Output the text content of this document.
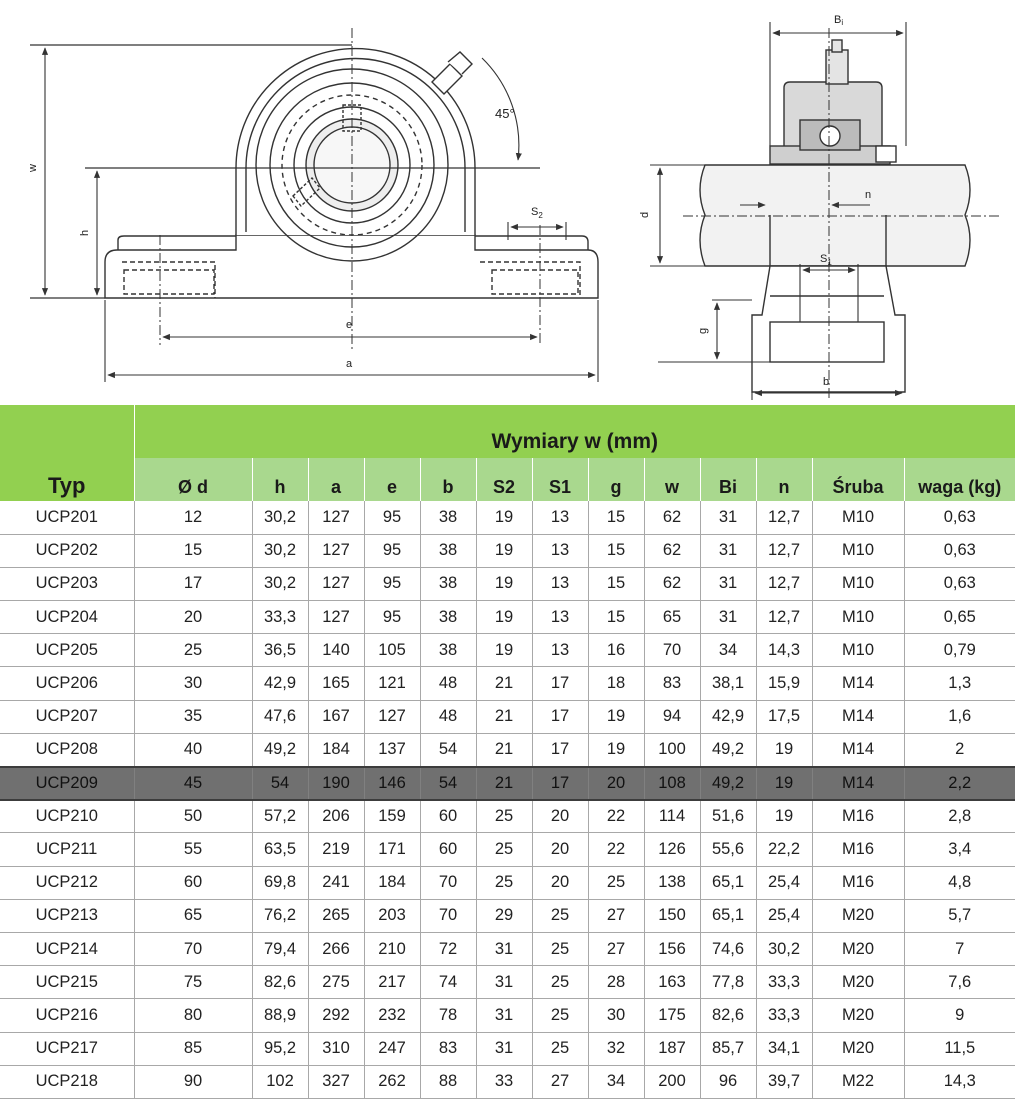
w
h
e
a
$S_2$
45°
Bi
d
n
$S_1$
g
b
Typ	Wymiary w (mm)												
	Ø d	h	a	e	b	S2	S1	g	w	Bi	n	Śruba	waga (kg)
UCP201	12	30,2	127	95	38	19	13	15	62	31	12,7	M10	0,63
UCP202	15	30,2	127	95	38	19	13	15	62	31	12,7	M10	0,63
UCP203	17	30,2	127	95	38	19	13	15	62	31	12,7	M10	0,63
UCP204	20	33,3	127	95	38	19	13	15	65	31	12,7	M10	0,65
UCP205	25	36,5	140	105	38	19	13	16	70	34	14,3	M10	0,79
UCP206	30	42,9	165	121	48	21	17	18	83	38,1	15,9	M14	1,3
UCP207	35	47,6	167	127	48	21	17	19	94	42,9	17,5	M14	1,6
UCP208	40	49,2	184	137	54	21	17	19	100	49,2	19	M14	2
UCP209	45	54	190	146	54	21	17	20	108	49,2	19	M14	2,2
UCP210	50	57,2	206	159	60	25	20	22	114	51,6	19	M16	2,8
UCP211	55	63,5	219	171	60	25	20	22	126	55,6	22,2	M16	3,4
UCP212	60	69,8	241	184	70	25	20	25	138	65,1	25,4	M16	4,8
UCP213	65	76,2	265	203	70	29	25	27	150	65,1	25,4	M20	5,7
UCP214	70	79,4	266	210	72	31	25	27	156	74,6	30,2	M20	7
UCP215	75	82,6	275	217	74	31	25	28	163	77,8	33,3	M20	7,6
UCP216	80	88,9	292	232	78	31	25	30	175	82,6	33,3	M20	9
UCP217	85	95,2	310	247	83	31	25	32	187	85,7	34,1	M20	11,5
UCP218	90	102	327	262	88	33	27	34	200	96	39,7	M22	14,3
